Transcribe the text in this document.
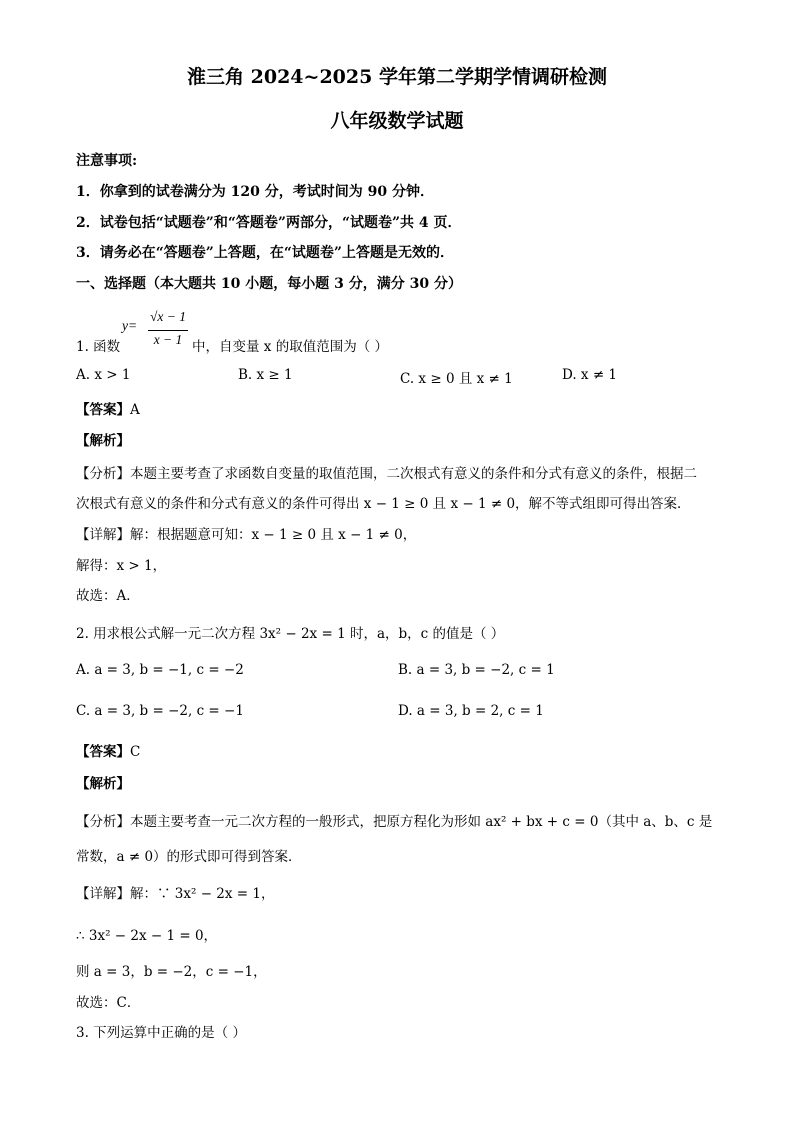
淮三角 2024~2025 学年第二学期学情调研检测
八年级数学试题
注意事项:
1．你拿到的试卷满分为 120 分，考试时间为 90 分钟．
2．试卷包括“试题卷”和“答题卷”两部分，“试题卷”共 4 页．
3．请务必在“答题卷”上答题，在“试题卷”上答题是无效的．
一、选择题（本大题共 10 小题，每小题 3 分，满分 30 分）
1. 函数
y=
√x − 1
x − 1 中，自变量 x 的取值范围为（ ）
A. x > 1	B. x ≥ 1	C. x ≥ 0 且 x ≠ 1	D. x ≠ 1
【答案】A
【解析】
【分析】本题主要考查了求函数自变量的取值范围，二次根式有意义的条件和分式有意义的条件，根据二
次根式有意义的条件和分式有意义的条件可得出 x − 1 ≥ 0 且 x − 1 ≠ 0，解不等式组即可得出答案．
【详解】解：根据题意可知：x − 1 ≥ 0 且 x − 1 ≠ 0，
解得：x > 1，
故选：A．
2. 用求根公式解一元二次方程 3x² − 2x = 1 时，a，b，c 的值是（ ）
A. a = 3, b = −1, c = −2	B. a = 3, b = −2, c = 1
C. a = 3, b = −2, c = −1	D. a = 3, b = 2, c = 1
【答案】C
【解析】
【分析】本题主要考查一元二次方程的一般形式，把原方程化为形如 ax² + bx + c = 0（其中 a、b、c 是
常数，a ≠ 0）的形式即可得到答案．
【详解】解：∵ 3x² − 2x = 1，
∴ 3x² − 2x − 1 = 0，
则 a = 3，b = −2，c = −1，
故选：C．
3. 下列运算中正确的是（ ）
